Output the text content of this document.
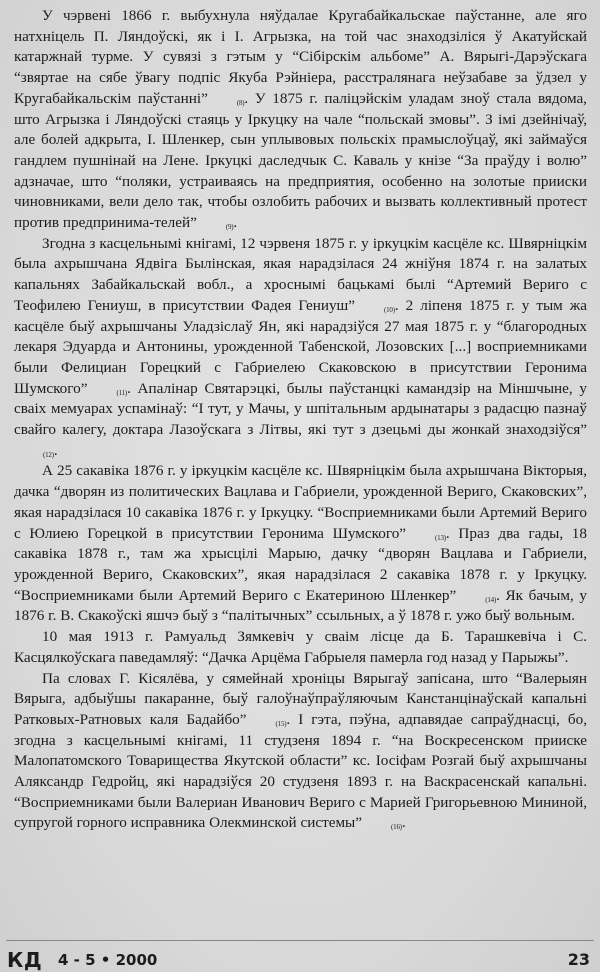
У чэрвені 1866 г. выбухнула няўдалае Кругабайкальскае паўстанне, але яго натхніцель П. Ляндоўскі, як і І. Агрызка, на той час знаходзіліся ў Акатуйскай катаржнай турме. У сувязі з гэтым у “Сібірскім альбоме” А. Вярыгі-Дарэўскага “звяртае на сябе ўвагу подпіс Якуба Рэйніера, расстралянага неўзабаве за ўдзел у Кругабайкальскім паўстанні”	(8). У 1875 г. паліцэйскім уладам зноў стала вядома, што Агрызка і Ляндоўскі стаяць у Іркуцку на чале “польскай змовы”. З імі дзейнічаў, але болей адкрыта, І. Шленкер, сын уплывовых польскіх прамыслоўцаў, які займаўся гандлем пушнінай на Лене. Іркуцкі даследчык С. Каваль у кнізе “За праўду і волю” адзначае, што “поляки, устраиваясь на предприятия, особенно на золотые прииски чиновниками, вели дело так, чтобы озлобить рабочих и вызвать коллективный протест против предпринима-телей”	(9).

Згодна з касцельнымі кнігамі, 12 чэрвеня 1875 г. у іркуцкім касцёле кс. Швярніцкім была ахрышчана Ядвіга Былінская, якая нарадзілася 24 жніўня 1874 г. на залатых капальнях Забайкальскай вобл., а хроснымі бацькамі былі “Артемий Вериго с Теофилею Гениуш, в присутствии Фадея Гениуш”	(10). 2 ліпеня 1875 г. у тым жа касцёле быў ахрышчаны Уладзіслаў Ян, які нарадзіўся 27 мая 1875 г. у “благородных лекаря Эдуарда и Антонины, урожденной Табенской, Лозовских [...] восприемниками были Фелициан Горецкий с Габриелею Скаковскою в присутствии Геронима Шумского”	(11). Апалінар Святарэцкі, былы паўстанцкі камандзір на Міншчыне, у сваіх мемуарах успамінаў: “І тут, у Мачы, у шпітальным ардынатары з радасцю пазнаў свайго калегу, доктара Лазоўскага з Літвы, які тут з дзецьмі ды жонкай знаходзіўся”(12).

А 25 сакавіка 1876 г. у іркуцкім касцёле кс. Швярніцкім была ахрышчана Вікторыя, дачка “дворян из политических Вацлава и Габриели, урожденной Вериго, Скаковских”, якая нарадзілася 10 сакавіка 1876 г. у Іркуцку. “Восприемниками были Артемий Вериго с Юлиею Горецкой в присутствии Геронима Шумского”	(13). Праз два гады, 18 сакавіка 1878 г., там жа хрысцілі Марыю, дачку “дворян Вацлава и Габриели, урожденной Вериго, Скаковских”, якая нарадзілася 2 сакавіка 1878 г. у Іркуцку. “Восприемниками были Артемий Вериго с Екатериною Шленкер”	(14). Як бачым, у 1876 г. В. Скакоўскі яшчэ быў з “палітычных” ссыльных, а ў 1878 г. ужо быў вольным.

10 мая 1913 г. Рамуальд Зямкевіч у сваім лісце да Б. Тарашкевіча і С. Касцялкоўскага паведамляў: “Дачка Арцёма Габрыеля памерла год назад у Парыжы”.

Па словах Г. Кісялёва, у сямейнай хроніцы Вярыгаў запісана, што “Валерыян Вярыга, адбыўшы пакаранне, быў галоўнаўпраўляючым Канстанцінаўскай капальні Ратковых-Ратновых каля Бадайбо”	(15). І гэта, пэўна, адпавядае сапраўднасці, бо, згодна з касцельнымі кнігамі, 11 студзеня 1894 г. “на Воскресенском прииске Малопатомского Товарищества Якутской области” кс. Іосіфам Розгай быў ахрышчаны Аляксандр Гедройц, які нарадзіўся 20 студзеня 1893 г. на Васкрасенскай капальні. “Восприемниками были Валериан Иванович Вериго с Марией Григорьевною Мининой, супругой горного исправника Олекминской системы”	(16).

КД 4 - 5 • 2000	23
